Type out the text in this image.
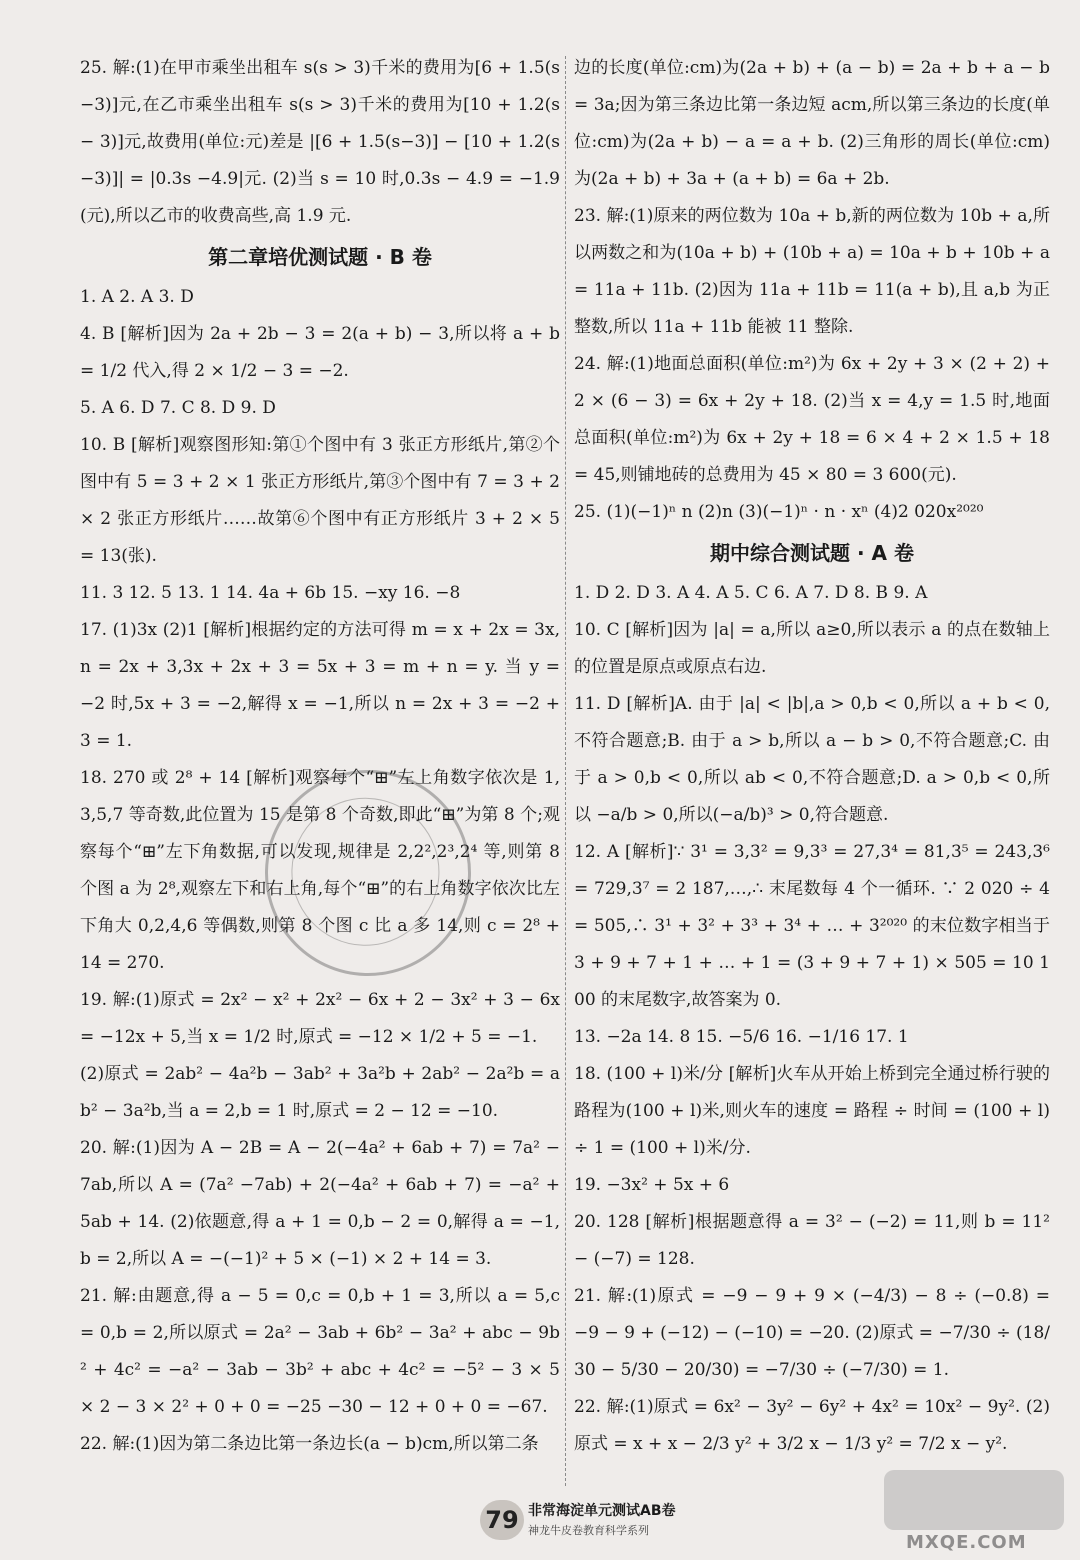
25. 解:(1)在甲市乘坐出租车 s(s > 3)千米的费用为[6 + 1.5(s−3)]元,在乙市乘坐出租车 s(s > 3)千米的费用为[10 + 1.2(s − 3)]元,故费用(单位:元)差是 |[6 + 1.5(s−3)] − [10 + 1.2(s −3)]| = |0.3s −4.9|元. (2)当 s = 10 时,0.3s − 4.9 = −1.9(元),所以乙市的收费高些,高 1.9 元.

第二章培优测试题 · B 卷

1. A 2. A 3. D

4. B [解析]因为 2a + 2b − 3 = 2(a + b) − 3,所以将 a + b = 1/2 代入,得 2 × 1/2 − 3 = −2.

5. A 6. D 7. C 8. D 9. D

10. B [解析]观察图形知:第①个图中有 3 张正方形纸片,第②个图中有 5 = 3 + 2 × 1 张正方形纸片,第③个图中有 7 = 3 + 2 × 2 张正方形纸片……故第⑥个图中有正方形纸片 3 + 2 × 5 = 13(张).

11. 3 12. 5 13. 1 14. 4a + 6b 15. −xy 16. −8

17. (1)3x (2)1 [解析]根据约定的方法可得 m = x + 2x = 3x,n = 2x + 3,3x + 2x + 3 = 5x + 3 = m + n = y. 当 y = −2 时,5x + 3 = −2,解得 x = −1,所以 n = 2x + 3 = −2 + 3 = 1.

18. 270 或 2⁸ + 14 [解析]观察每个“⊞”左上角数字依次是 1,3,5,7 等奇数,此位置为 15 是第 8 个奇数,即此“⊞”为第 8 个;观察每个“⊞”左下角数据,可以发现,规律是 2,2²,2³,2⁴ 等,则第 8 个图 a 为 2⁸,观察左下和右上角,每个“⊞”的右上角数字依次比左下角大 0,2,4,6 等偶数,则第 8 个图 c 比 a 多 14,则 c = 2⁸ + 14 = 270.

19. 解:(1)原式 = 2x² − x² + 2x² − 6x + 2 − 3x² + 3 − 6x = −12x + 5,当 x = 1/2 时,原式 = −12 × 1/2 + 5 = −1.

(2)原式 = 2ab² − 4a²b − 3ab² + 3a²b + 2ab² − 2a²b = ab² − 3a²b,当 a = 2,b = 1 时,原式 = 2 − 12 = −10.

20. 解:(1)因为 A − 2B = A − 2(−4a² + 6ab + 7) = 7a² − 7ab,所以 A = (7a² −7ab) + 2(−4a² + 6ab + 7) = −a² + 5ab + 14. (2)依题意,得 a + 1 = 0,b − 2 = 0,解得 a = −1,b = 2,所以 A = −(−1)² + 5 × (−1) × 2 + 14 = 3.

21. 解:由题意,得 a − 5 = 0,c = 0,b + 1 = 3,所以 a = 5,c = 0,b = 2,所以原式 = 2a² − 3ab + 6b² − 3a² + abc − 9b² + 4c² = −a² − 3ab − 3b² + abc + 4c² = −5² − 3 × 5 × 2 − 3 × 2² + 0 + 0 = −25 −30 − 12 + 0 + 0 = −67.

22. 解:(1)因为第二条边比第一条边长(a − b)cm,所以第二条

边的长度(单位:cm)为(2a + b) + (a − b) = 2a + b + a − b = 3a;因为第三条边比第一条边短 acm,所以第三条边的长度(单位:cm)为(2a + b) − a = a + b. (2)三角形的周长(单位:cm)为(2a + b) + 3a + (a + b) = 6a + 2b.

23. 解:(1)原来的两位数为 10a + b,新的两位数为 10b + a,所以两数之和为(10a + b) + (10b + a) = 10a + b + 10b + a = 11a + 11b. (2)因为 11a + 11b = 11(a + b),且 a,b 为正整数,所以 11a + 11b 能被 11 整除.

24. 解:(1)地面总面积(单位:m²)为 6x + 2y + 3 × (2 + 2) + 2 × (6 − 3) = 6x + 2y + 18. (2)当 x = 4,y = 1.5 时,地面总面积(单位:m²)为 6x + 2y + 18 = 6 × 4 + 2 × 1.5 + 18 = 45,则铺地砖的总费用为 45 × 80 = 3 600(元).

25. (1)(−1)ⁿ n (2)n (3)(−1)ⁿ · n · xⁿ (4)2 020x²⁰²⁰

期中综合测试题 · A 卷

1. D 2. D 3. A 4. A 5. C 6. A 7. D 8. B 9. A

10. C [解析]因为 |a| = a,所以 a≥0,所以表示 a 的点在数轴上的位置是原点或原点右边.

11. D [解析]A. 由于 |a| < |b|,a > 0,b < 0,所以 a + b < 0,不符合题意;B. 由于 a > b,所以 a − b > 0,不符合题意;C. 由于 a > 0,b < 0,所以 ab < 0,不符合题意;D. a > 0,b < 0,所以 −a/b > 0,所以(−a/b)³ > 0,符合题意.

12. A [解析]∵ 3¹ = 3,3² = 9,3³ = 27,3⁴ = 81,3⁵ = 243,3⁶ = 729,3⁷ = 2 187,…,∴ 末尾数每 4 个一循环. ∵ 2 020 ÷ 4 = 505,∴ 3¹ + 3² + 3³ + 3⁴ + … + 3²⁰²⁰ 的末位数字相当于 3 + 9 + 7 + 1 + … + 1 = (3 + 9 + 7 + 1) × 505 = 10 100 的末尾数字,故答案为 0.

13. −2a 14. 8 15. −5/6 16. −1/16 17. 1

18. (100 + l)米/分 [解析]火车从开始上桥到完全通过桥行驶的路程为(100 + l)米,则火车的速度 = 路程 ÷ 时间 = (100 + l) ÷ 1 = (100 + l)米/分.

19. −3x² + 5x + 6

20. 128 [解析]根据题意得 a = 3² − (−2) = 11,则 b = 11² − (−7) = 128.

21. 解:(1)原式 = −9 − 9 + 9 × (−4/3) − 8 ÷ (−0.8) = −9 − 9 + (−12) − (−10) = −20. (2)原式 = −7/30 ÷ (18/30 − 5/30 − 20/30) = −7/30 ÷ (−7/30) = 1.

22. 解:(1)原式 = 6x² − 3y² − 6y² + 4x² = 10x² − 9y². (2)原式 = x + x − 2/3 y² + 3/2 x − 1/3 y² = 7/2 x − y².

79 非常海淀单元测试AB卷
神龙牛皮卷教育科学系列
MXQE.COM
